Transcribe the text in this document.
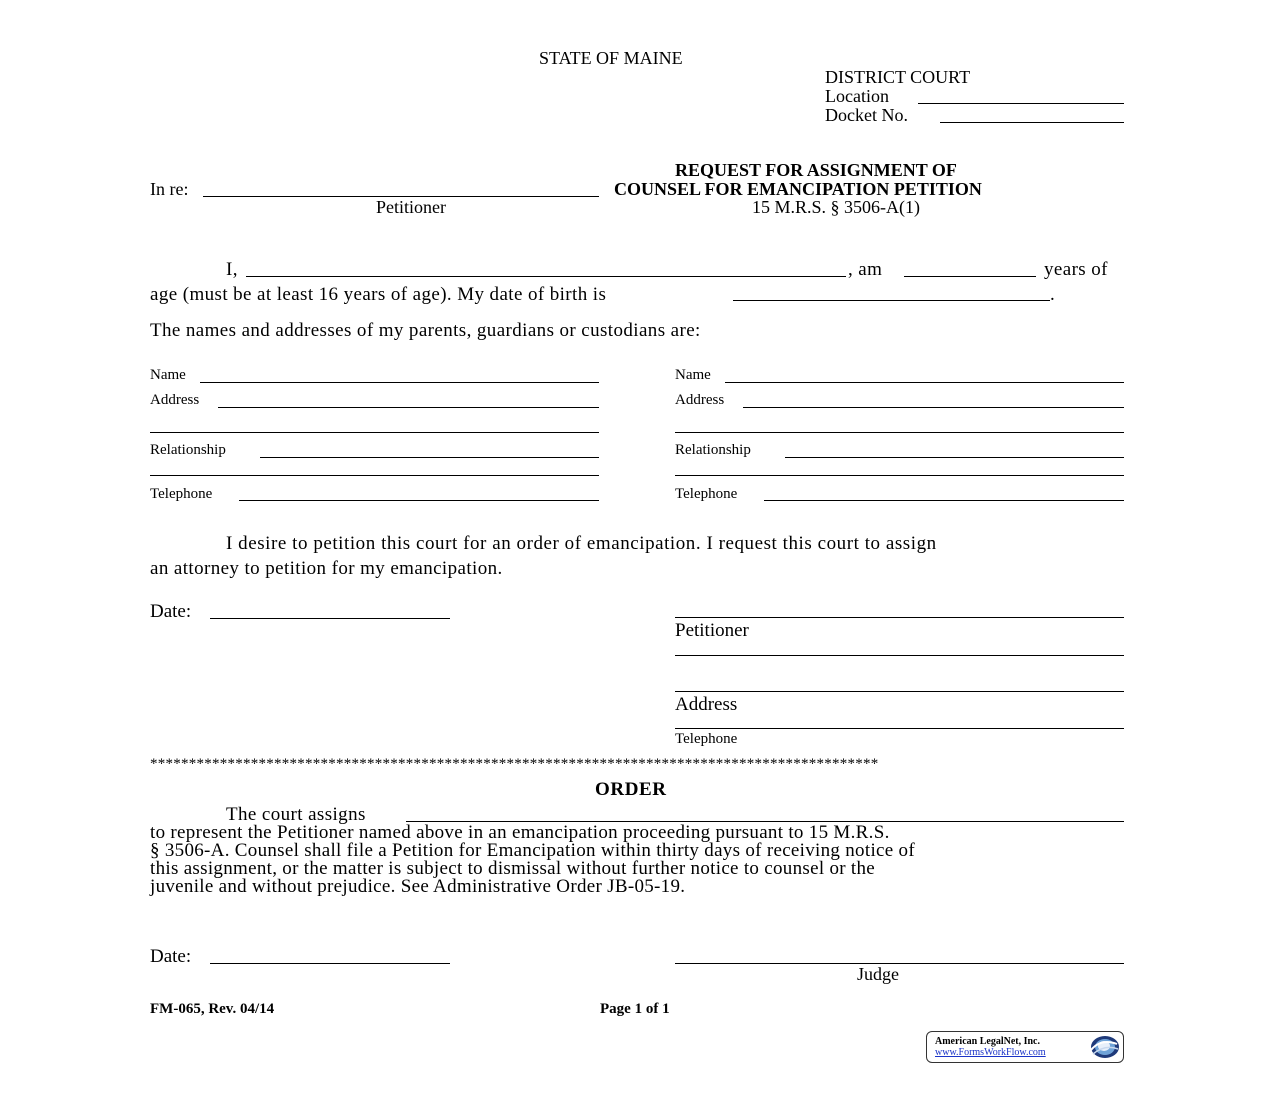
STATE OF MAINE
DISTRICT COURT
Location
Docket No.
In re:
Petitioner
REQUEST FOR ASSIGNMENT OF
COUNSEL FOR EMANCIPATION PETITION
15 M.R.S. § 3506-A(1)
I,	, am	years of
age (must be at least 16 years of age). My date of birth is	.
The names and addresses of my parents, guardians or custodians are:
Name
Address
Relationship
Telephone
Name
Address
Relationship
Telephone
I desire to petition this court for an order of emancipation. I request this court to assign
an attorney to petition for my emancipation.
Date:
Petitioner
Address
Telephone
**********************************************************************************************
ORDER
The court assigns
to represent the Petitioner named above in an emancipation proceeding pursuant to 15 M.R.S.
§ 3506-A. Counsel shall file a Petition for Emancipation within thirty days of receiving notice of
this assignment, or the matter is subject to dismissal without further notice to counsel or the
juvenile and without prejudice. See Administrative Order JB-05-19.
Date:
Judge
FM-065, Rev. 04/14	Page 1 of 1
American LegalNet, Inc.
www.FormsWorkFlow.com
